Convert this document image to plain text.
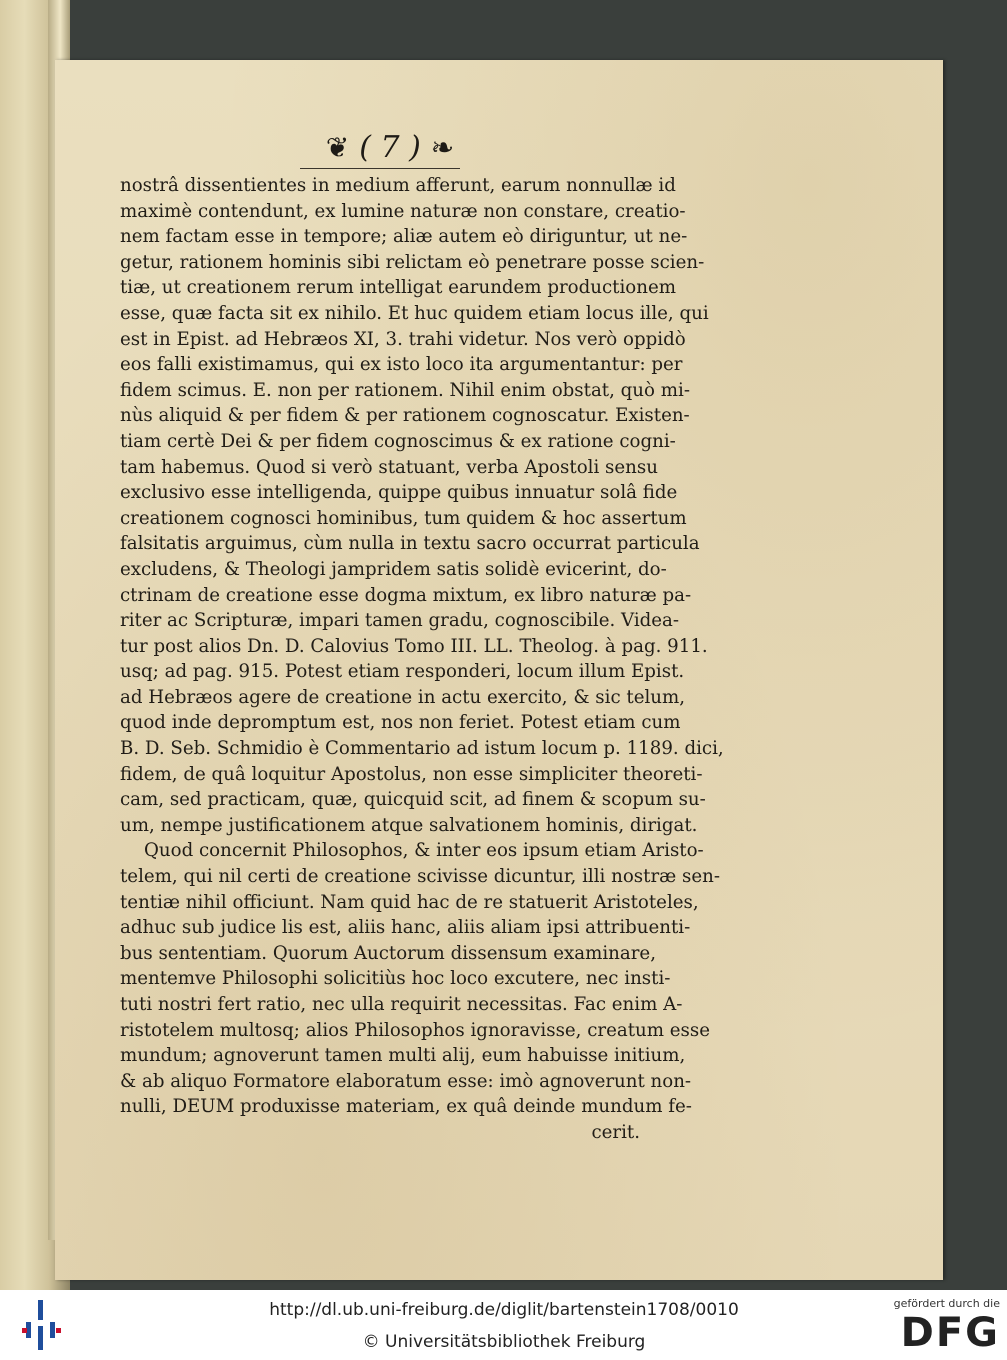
❦ ( 7 ) ❧
nostrâ dissentientes in medium afferunt, earum nonnullæ id
maximè contendunt, ex lumine naturæ non constare, creatio-
nem factam esse in tempore; aliæ autem eò diriguntur, ut ne-
getur, rationem hominis sibi relictam eò penetrare posse scien-
tiæ, ut creationem rerum intelligat earundem productionem
esse, quæ facta sit ex nihilo. Et huc quidem etiam locus ille, qui
est in Epist. ad Hebræos XI, 3. trahi videtur. Nos verò oppidò
eos falli existimamus, qui ex isto loco ita argumentantur: per
fidem scimus. E. non per rationem. Nihil enim obstat, quò mi-
nùs aliquid & per fidem & per rationem cognoscatur. Existen-
tiam certè Dei & per fidem cognoscimus & ex ratione cogni-
tam habemus. Quod si verò statuant, verba Apostoli sensu
exclusivo esse intelligenda, quippe quibus innuatur solâ fide
creationem cognosci hominibus, tum quidem & hoc assertum
falsitatis arguimus, cùm nulla in textu sacro occurrat particula
excludens, & Theologi jampridem satis solidè evicerint, do-
ctrinam de creatione esse dogma mixtum, ex libro naturæ pa-
riter ac Scripturæ, impari tamen gradu, cognoscibile. Videa-
tur post alios Dn. D. Calovius Tomo III. LL. Theolog. à pag. 911.
usq; ad pag. 915. Potest etiam responderi, locum illum Epist.
ad Hebræos agere de creatione in actu exercito, & sic telum,
quod inde depromptum est, nos non feriet. Potest etiam cum
B. D. Seb. Schmidio è Commentario ad istum locum p. 1189. dici,
fidem, de quâ loquitur Apostolus, non esse simpliciter theoreti-
cam, sed practicam, quæ, quicquid scit, ad finem & scopum su-
um, nempe justificationem atque salvationem hominis, dirigat.
Quod concernit Philosophos, & inter eos ipsum etiam Aristo-
telem, qui nil certi de creatione scivisse dicuntur, illi nostræ sen-
tentiæ nihil officiunt. Nam quid hac de re statuerit Aristoteles,
adhuc sub judice lis est, aliis hanc, aliis aliam ipsi attribuenti-
bus sententiam. Quorum Auctorum dissensum examinare,
mentemve Philosophi solicitiùs hoc loco excutere, nec insti-
tuti nostri fert ratio, nec ulla requirit necessitas. Fac enim A-
ristotelem multosq; alios Philosophos ignoravisse, creatum esse
mundum; agnoverunt tamen multi alij, eum habuisse initium,
& ab aliquo Formatore elaboratum esse: imò agnoverunt non-
nulli, DEUM produxisse materiam, ex quâ deinde mundum fe-
cerit.
http://dl.ub.uni-freiburg.de/diglit/bartenstein1708/0010
© Universitätsbibliothek Freiburg
gefördert durch die
DFG
